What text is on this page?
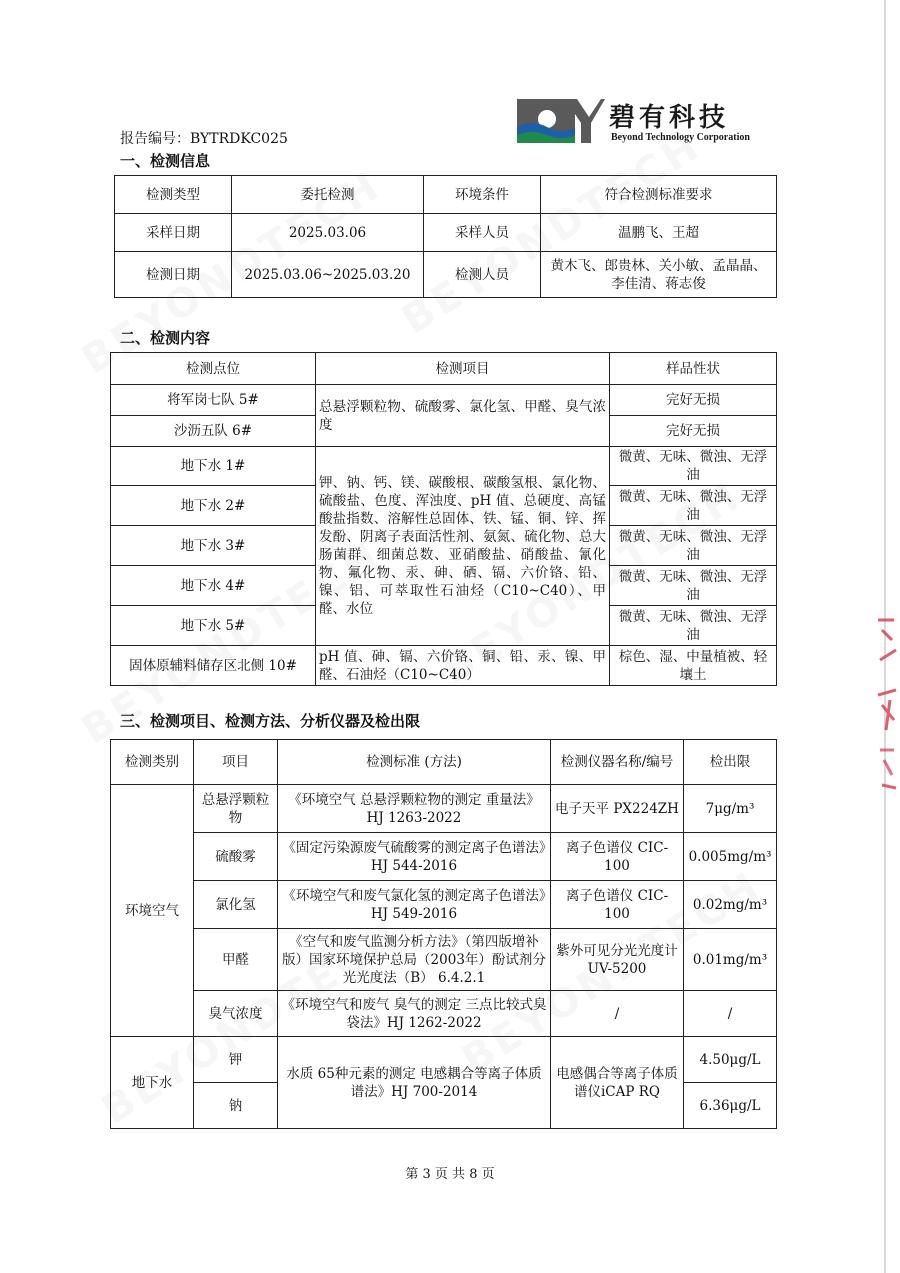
碧有科技
Beyond Technology Corporation
报告编号：BYTRDKC025
一、检测信息
检测类型	委托检测	环境条件	符合检测标准要求
采样日期	2025.03.06	采样人员	温鹏飞、王超
检测日期	2025.03.06~2025.03.20	检测人员	黄木飞、郎贵林、关小敏、孟晶晶、李佳清、蒋志俊
二、检测内容
检测点位	检测项目	样品性状
将军岗七队 5#	总悬浮颗粒物、硫酸雾、氯化氢、甲醛、臭气浓度	完好无损
沙沥五队 6#		完好无损
地下水 1#	钾、钠、钙、镁、碳酸根、碳酸氢根、氯化物、硫酸盐、色度、浑浊度、pH 值、总硬度、高锰酸盐指数、溶解性总固体、铁、锰、铜、锌、挥发酚、阴离子表面活性剂、氨氮、硫化物、总大肠菌群、细菌总数、亚硝酸盐、硝酸盐、氰化物、氟化物、汞、砷、硒、镉、六价铬、铅、镍、铝、可萃取性石油烃（C10~C40）、甲醛、水位	微黄、无味、微浊、无浮油
地下水 2#		微黄、无味、微浊、无浮油
地下水 3#		微黄、无味、微浊、无浮油
地下水 4#		微黄、无味、微浊、无浮油
地下水 5#		微黄、无味、微浊、无浮油
固体原辅料储存区北侧 10#	pH 值、砷、镉、六价铬、铜、铅、汞、镍、甲醛、石油烃（C10~C40）	棕色、湿、中量植被、轻壤土
三、检测项目、检测方法、分析仪器及检出限
检测类别	项目	检测标准 (方法)	检测仪器名称/编号	检出限
环境空气	总悬浮颗粒物	《环境空气 总悬浮颗粒物的测定 重量法》HJ 1263-2022	电子天平 PX224ZH	7μg/m³
	硫酸雾	《固定污染源废气硫酸雾的测定离子色谱法》HJ 544-2016	离子色谱仪 CIC-100	0.005mg/m³
	氯化氢	《环境空气和废气氯化氢的测定离子色谱法》HJ 549-2016	离子色谱仪 CIC-100	0.02mg/m³
	甲醛	《空气和废气监测分析方法》（第四版增补版）国家环境保护总局（2003年）酚试剂分光光度法（B） 6.4.2.1	紫外可见分光光度计UV-5200	0.01mg/m³
	臭气浓度	《环境空气和废气 臭气的测定 三点比较式臭袋法》HJ 1262-2022	/	/
地下水	钾	水质 65种元素的测定 电感耦合等离子体质谱法》HJ 700-2014	电感偶合等离子体质谱仪iCAP RQ	4.50μg/L
	钠			6.36μg/L
第 3 页 共 8 页
